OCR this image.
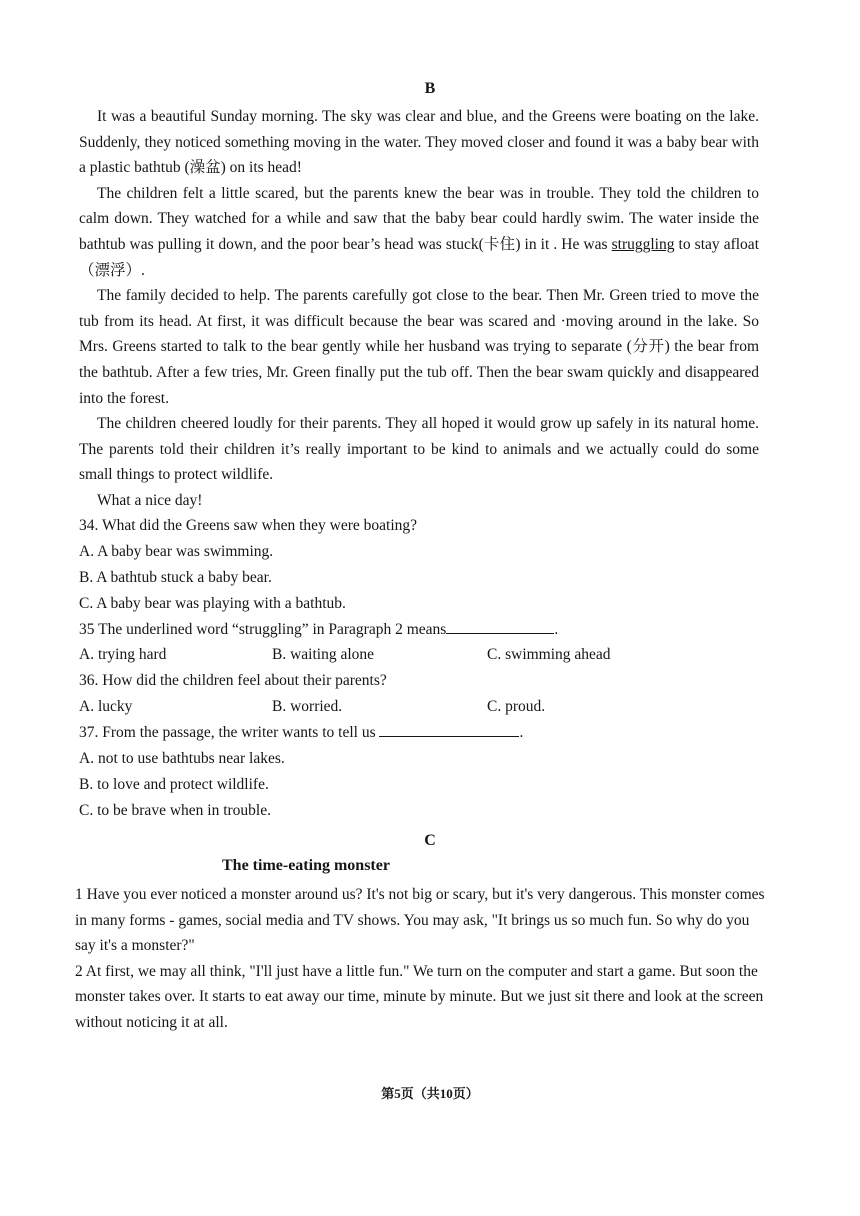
B

It was a beautiful Sunday morning. The sky was clear and blue, and the Greens were boating on the lake. Suddenly, they noticed something moving in the water. They moved closer and found it was a baby bear with a plastic bathtub (澡盆) on its head!

The children felt a little scared, but the parents knew the bear was in trouble. They told the children to calm down. They watched for a while and saw that the baby bear could hardly swim. The water inside the bathtub was pulling it down, and the poor bear’s head was stuck(卡住) in it . He was struggling to stay afloat（漂浮）.

The family decided to help. The parents carefully got close to the bear. Then Mr. Green tried to move the tub from its head. At first, it was difficult because the bear was scared and ·moving around in the lake. So Mrs. Greens started to talk to the bear gently while her husband was trying to separate (分开) the bear from the bathtub. After a few tries, Mr. Green finally put the tub off. Then the bear swam quickly and disappeared into the forest.

The children cheered loudly for their parents. They all hoped it would grow up safely in its natural home. The parents told their children it’s really important to be kind to animals and we actually could do some small things to protect wildlife.

What a nice day!

34. What did the Greens saw when they were boating?
A. A baby bear was swimming.
B. A bathtub stuck a baby bear.
C. A baby bear was playing with a bathtub.
35 The underlined word “struggling” in Paragraph 2 means	.
A. trying hard	B. waiting alone	C. swimming ahead
36. How did the children feel about their parents?
A. lucky	B. worried.	C. proud.
37. From the passage, the writer wants to tell us	.
A. not to use bathtubs near lakes.
B. to love and protect wildlife.
C. to be brave when in trouble.
C
The time-eating monster

1 Have you ever noticed a monster around us? It's not big or scary, but it's very dangerous. This monster comes in many forms - games, social media and TV shows. You may ask, "It brings us so much fun. So why do you say it's a monster?"

2 At first, we may all think, "I'll just have a little fun." We turn on the computer and start a game. But soon the monster takes over. It starts to eat away our time, minute by minute. But we just sit there and look at the screen without noticing it at all.

第5页（共10页）
